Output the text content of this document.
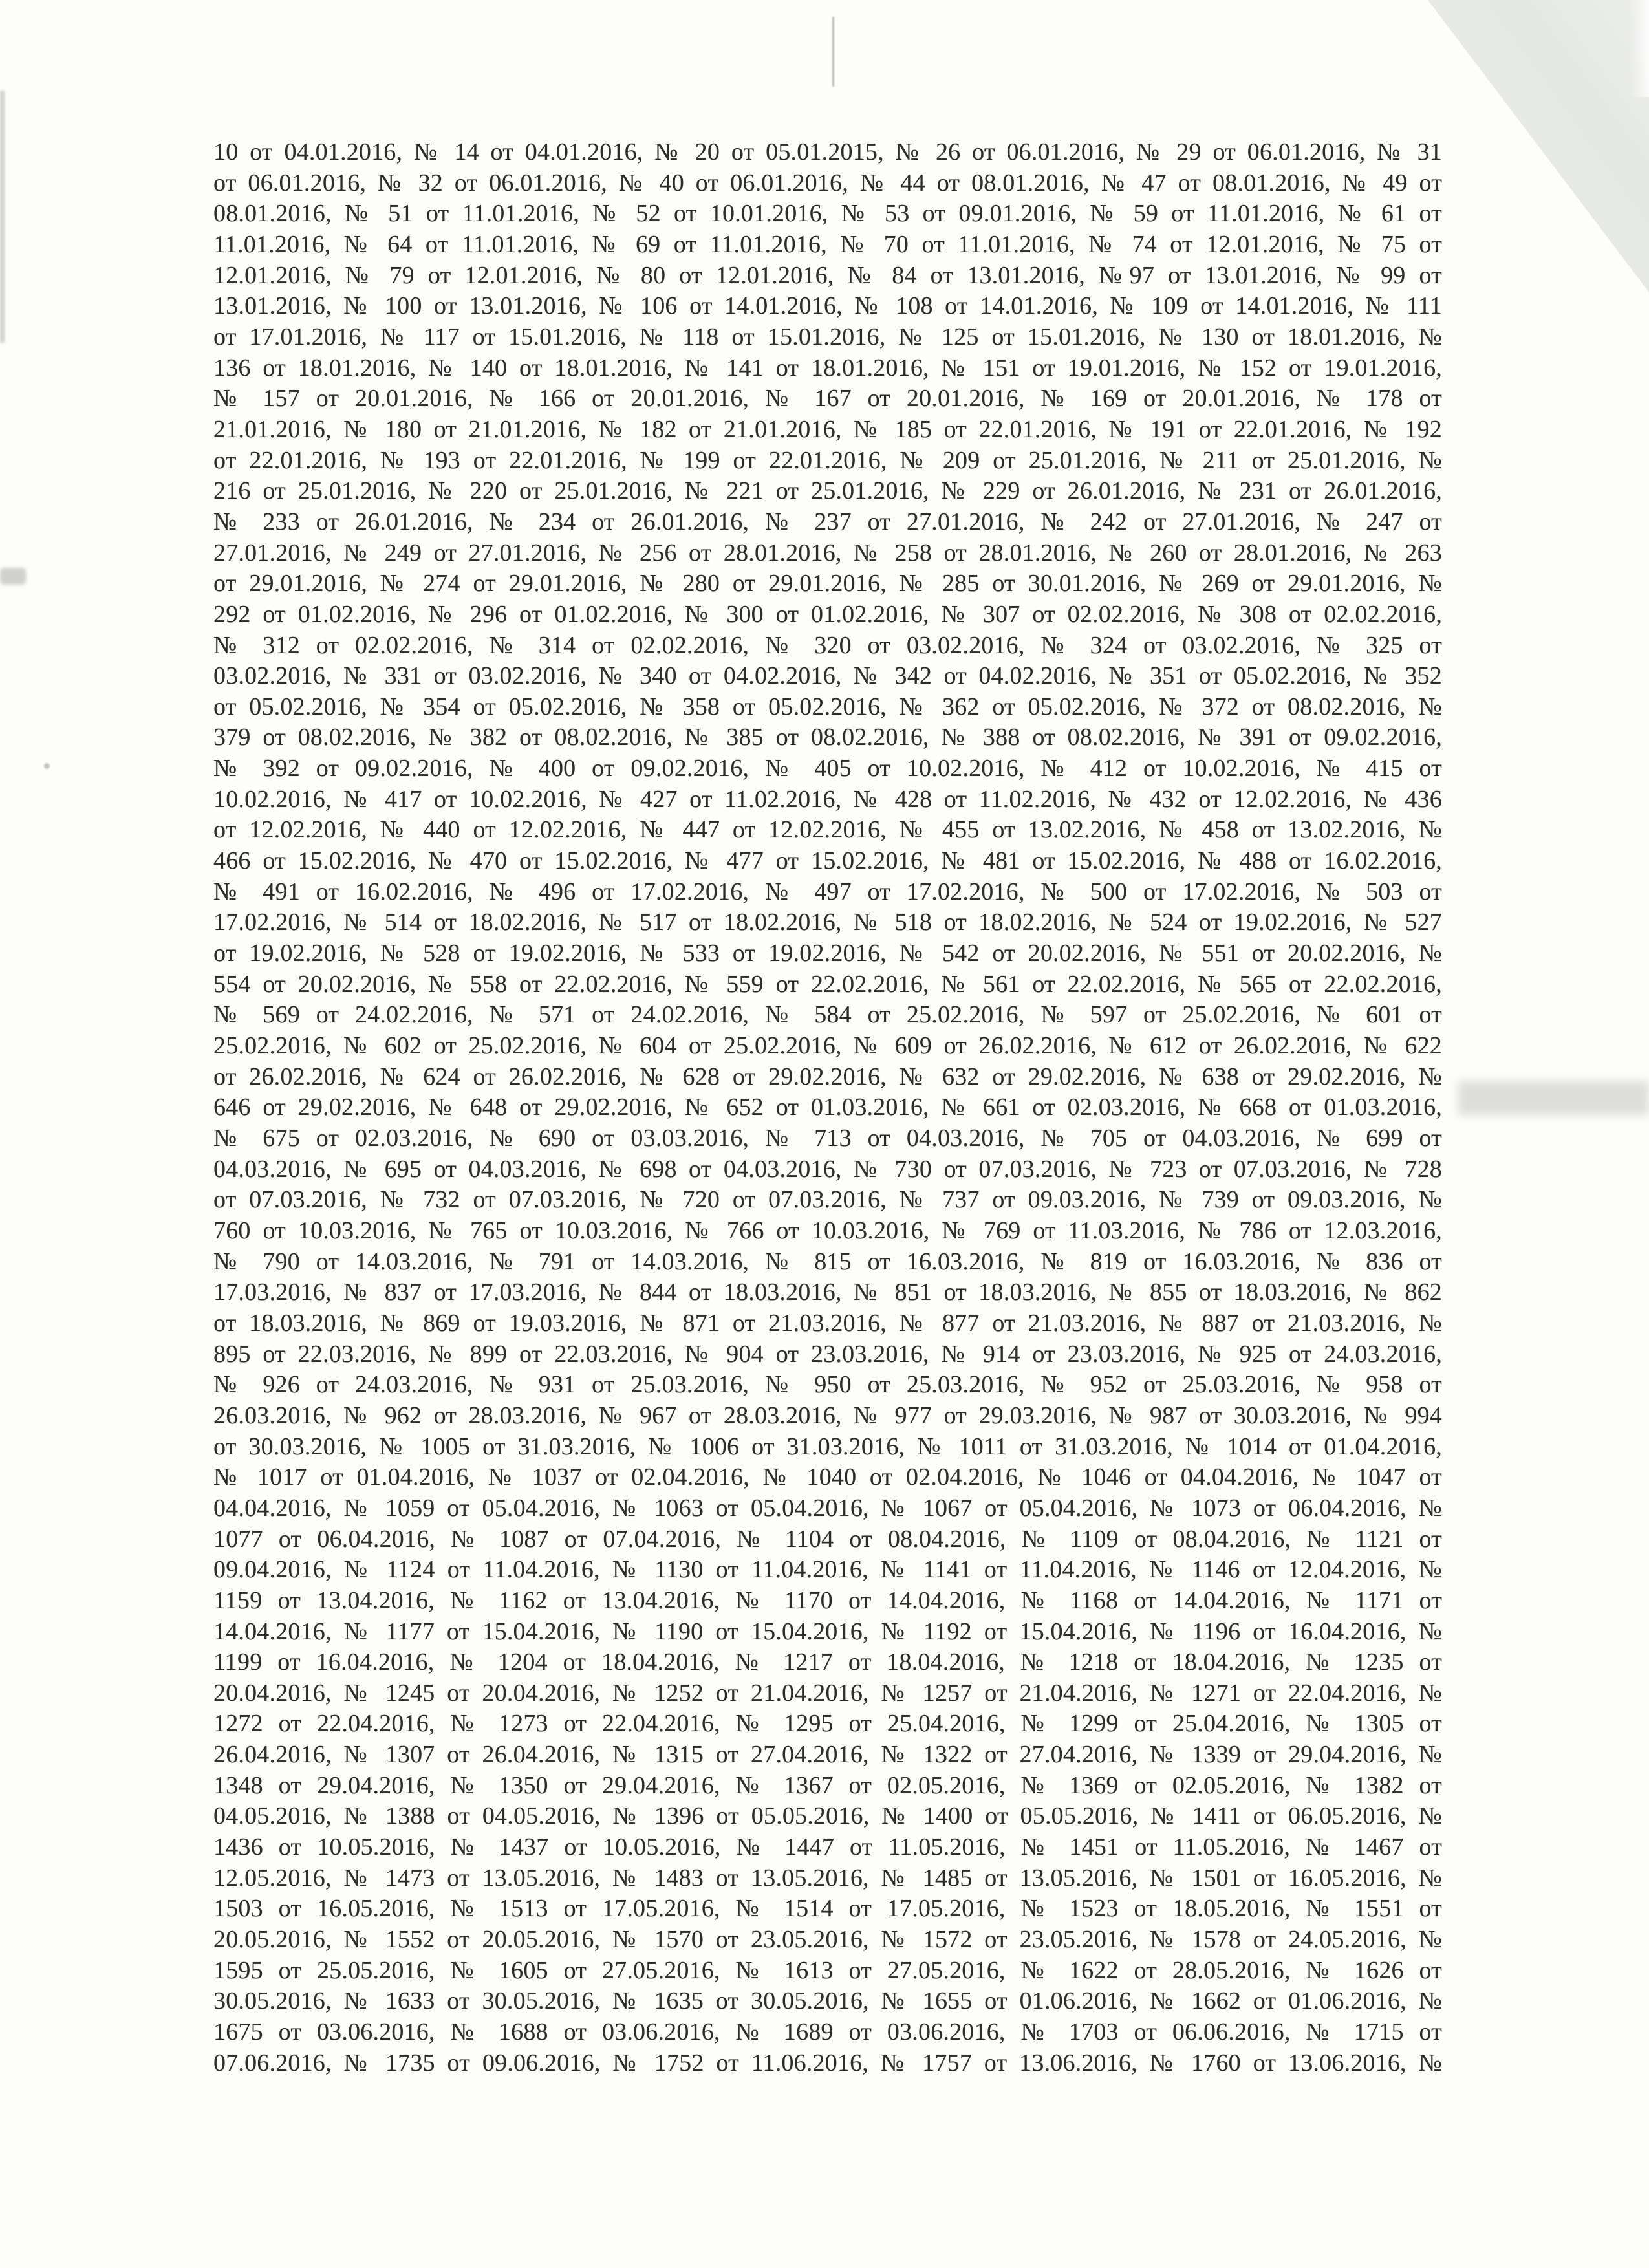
10 от 04.01.2016, № 14 от 04.01.2016, № 20 от 05.01.2015, № 26 от 06.01.2016, № 29 от 06.01.2016, № 31
от 06.01.2016, № 32 от 06.01.2016, № 40 от 06.01.2016, № 44 от 08.01.2016, № 47 от 08.01.2016, № 49 от
08.01.2016, № 51 от 11.01.2016, № 52 от 10.01.2016, № 53 от 09.01.2016, № 59 от 11.01.2016, № 61 от
11.01.2016, № 64 от 11.01.2016, № 69 от 11.01.2016, № 70 от 11.01.2016, № 74 от 12.01.2016, № 75 от
12.01.2016, № 79 от 12.01.2016, № 80 от 12.01.2016, № 84 от 13.01.2016, №97 от 13.01.2016, № 99 от
13.01.2016, № 100 от 13.01.2016, № 106 от 14.01.2016, № 108 от 14.01.2016, № 109 от 14.01.2016, № 111
от 17.01.2016, № 117 от 15.01.2016, № 118 от 15.01.2016, № 125 от 15.01.2016, № 130 от 18.01.2016, №
136 от 18.01.2016, № 140 от 18.01.2016, № 141 от 18.01.2016, № 151 от 19.01.2016, № 152 от 19.01.2016,
№ 157 от 20.01.2016, № 166 от 20.01.2016, № 167 от 20.01.2016, № 169 от 20.01.2016, № 178 от
21.01.2016, № 180 от 21.01.2016, № 182 от 21.01.2016, № 185 от 22.01.2016, № 191 от 22.01.2016, № 192
от 22.01.2016, № 193 от 22.01.2016, № 199 от 22.01.2016, № 209 от 25.01.2016, № 211 от 25.01.2016, №
216 от 25.01.2016, № 220 от 25.01.2016, № 221 от 25.01.2016, № 229 от 26.01.2016, № 231 от 26.01.2016,
№ 233 от 26.01.2016, № 234 от 26.01.2016, № 237 от 27.01.2016, № 242 от 27.01.2016, № 247 от
27.01.2016, № 249 от 27.01.2016, № 256 от 28.01.2016, № 258 от 28.01.2016, № 260 от 28.01.2016, № 263
от 29.01.2016, № 274 от 29.01.2016, № 280 от 29.01.2016, № 285 от 30.01.2016, № 269 от 29.01.2016, №
292 от 01.02.2016, № 296 от 01.02.2016, № 300 от 01.02.2016, № 307 от 02.02.2016, № 308 от 02.02.2016,
№ 312 от 02.02.2016, № 314 от 02.02.2016, № 320 от 03.02.2016, № 324 от 03.02.2016, № 325 от
03.02.2016, № 331 от 03.02.2016, № 340 от 04.02.2016, № 342 от 04.02.2016, № 351 от 05.02.2016, № 352
от 05.02.2016, № 354 от 05.02.2016, № 358 от 05.02.2016, № 362 от 05.02.2016, № 372 от 08.02.2016, №
379 от 08.02.2016, № 382 от 08.02.2016, № 385 от 08.02.2016, № 388 от 08.02.2016, № 391 от 09.02.2016,
№ 392 от 09.02.2016, № 400 от 09.02.2016, № 405 от 10.02.2016, № 412 от 10.02.2016, № 415 от
10.02.2016, № 417 от 10.02.2016, № 427 от 11.02.2016, № 428 от 11.02.2016, № 432 от 12.02.2016, № 436
от 12.02.2016, № 440 от 12.02.2016, № 447 от 12.02.2016, № 455 от 13.02.2016, № 458 от 13.02.2016, №
466 от 15.02.2016, № 470 от 15.02.2016, № 477 от 15.02.2016, № 481 от 15.02.2016, № 488 от 16.02.2016,
№ 491 от 16.02.2016, № 496 от 17.02.2016, № 497 от 17.02.2016, № 500 от 17.02.2016, № 503 от
17.02.2016, № 514 от 18.02.2016, № 517 от 18.02.2016, № 518 от 18.02.2016, № 524 от 19.02.2016, № 527
от 19.02.2016, № 528 от 19.02.2016, № 533 от 19.02.2016, № 542 от 20.02.2016, № 551 от 20.02.2016, №
554 от 20.02.2016, № 558 от 22.02.2016, № 559 от 22.02.2016, № 561 от 22.02.2016, № 565 от 22.02.2016,
№ 569 от 24.02.2016, № 571 от 24.02.2016, № 584 от 25.02.2016, № 597 от 25.02.2016, № 601 от
25.02.2016, № 602 от 25.02.2016, № 604 от 25.02.2016, № 609 от 26.02.2016, № 612 от 26.02.2016, № 622
от 26.02.2016, № 624 от 26.02.2016, № 628 от 29.02.2016, № 632 от 29.02.2016, № 638 от 29.02.2016, №
646 от 29.02.2016, № 648 от 29.02.2016, № 652 от 01.03.2016, № 661 от 02.03.2016, № 668 от 01.03.2016,
№ 675 от 02.03.2016, № 690 от 03.03.2016, № 713 от 04.03.2016, № 705 от 04.03.2016, № 699 от
04.03.2016, № 695 от 04.03.2016, № 698 от 04.03.2016, № 730 от 07.03.2016, № 723 от 07.03.2016, № 728
от 07.03.2016, № 732 от 07.03.2016, № 720 от 07.03.2016, № 737 от 09.03.2016, № 739 от 09.03.2016, №
760 от 10.03.2016, № 765 от 10.03.2016, № 766 от 10.03.2016, № 769 от 11.03.2016, № 786 от 12.03.2016,
№ 790 от 14.03.2016, № 791 от 14.03.2016, № 815 от 16.03.2016, № 819 от 16.03.2016, № 836 от
17.03.2016, № 837 от 17.03.2016, № 844 от 18.03.2016, № 851 от 18.03.2016, № 855 от 18.03.2016, № 862
от 18.03.2016, № 869 от 19.03.2016, № 871 от 21.03.2016, № 877 от 21.03.2016, № 887 от 21.03.2016, №
895 от 22.03.2016, № 899 от 22.03.2016, № 904 от 23.03.2016, № 914 от 23.03.2016, № 925 от 24.03.2016,
№ 926 от 24.03.2016, № 931 от 25.03.2016, № 950 от 25.03.2016, № 952 от 25.03.2016, № 958 от
26.03.2016, № 962 от 28.03.2016, № 967 от 28.03.2016, № 977 от 29.03.2016, № 987 от 30.03.2016, № 994
от 30.03.2016, № 1005 от 31.03.2016, № 1006 от 31.03.2016, № 1011 от 31.03.2016, № 1014 от 01.04.2016,
№ 1017 от 01.04.2016, № 1037 от 02.04.2016, № 1040 от 02.04.2016, № 1046 от 04.04.2016, № 1047 от
04.04.2016, № 1059 от 05.04.2016, № 1063 от 05.04.2016, № 1067 от 05.04.2016, № 1073 от 06.04.2016, №
1077 от 06.04.2016, № 1087 от 07.04.2016, № 1104 от 08.04.2016, № 1109 от 08.04.2016, № 1121 от
09.04.2016, № 1124 от 11.04.2016, № 1130 от 11.04.2016, № 1141 от 11.04.2016, № 1146 от 12.04.2016, №
1159 от 13.04.2016, № 1162 от 13.04.2016, № 1170 от 14.04.2016, № 1168 от 14.04.2016, № 1171 от
14.04.2016, № 1177 от 15.04.2016, № 1190 от 15.04.2016, № 1192 от 15.04.2016, № 1196 от 16.04.2016, №
1199 от 16.04.2016, № 1204 от 18.04.2016, № 1217 от 18.04.2016, № 1218 от 18.04.2016, № 1235 от
20.04.2016, № 1245 от 20.04.2016, № 1252 от 21.04.2016, № 1257 от 21.04.2016, № 1271 от 22.04.2016, №
1272 от 22.04.2016, № 1273 от 22.04.2016, № 1295 от 25.04.2016, № 1299 от 25.04.2016, № 1305 от
26.04.2016, № 1307 от 26.04.2016, № 1315 от 27.04.2016, № 1322 от 27.04.2016, № 1339 от 29.04.2016, №
1348 от 29.04.2016, № 1350 от 29.04.2016, № 1367 от 02.05.2016, № 1369 от 02.05.2016, № 1382 от
04.05.2016, № 1388 от 04.05.2016, № 1396 от 05.05.2016, № 1400 от 05.05.2016, № 1411 от 06.05.2016, №
1436 от 10.05.2016, № 1437 от 10.05.2016, № 1447 от 11.05.2016, № 1451 от 11.05.2016, № 1467 от
12.05.2016, № 1473 от 13.05.2016, № 1483 от 13.05.2016, № 1485 от 13.05.2016, № 1501 от 16.05.2016, №
1503 от 16.05.2016, № 1513 от 17.05.2016, № 1514 от 17.05.2016, № 1523 от 18.05.2016, № 1551 от
20.05.2016, № 1552 от 20.05.2016, № 1570 от 23.05.2016, № 1572 от 23.05.2016, № 1578 от 24.05.2016, №
1595 от 25.05.2016, № 1605 от 27.05.2016, № 1613 от 27.05.2016, № 1622 от 28.05.2016, № 1626 от
30.05.2016, № 1633 от 30.05.2016, № 1635 от 30.05.2016, № 1655 от 01.06.2016, № 1662 от 01.06.2016, №
1675 от 03.06.2016, № 1688 от 03.06.2016, № 1689 от 03.06.2016, № 1703 от 06.06.2016, № 1715 от
07.06.2016, № 1735 от 09.06.2016, № 1752 от 11.06.2016, № 1757 от 13.06.2016, № 1760 от 13.06.2016, №
